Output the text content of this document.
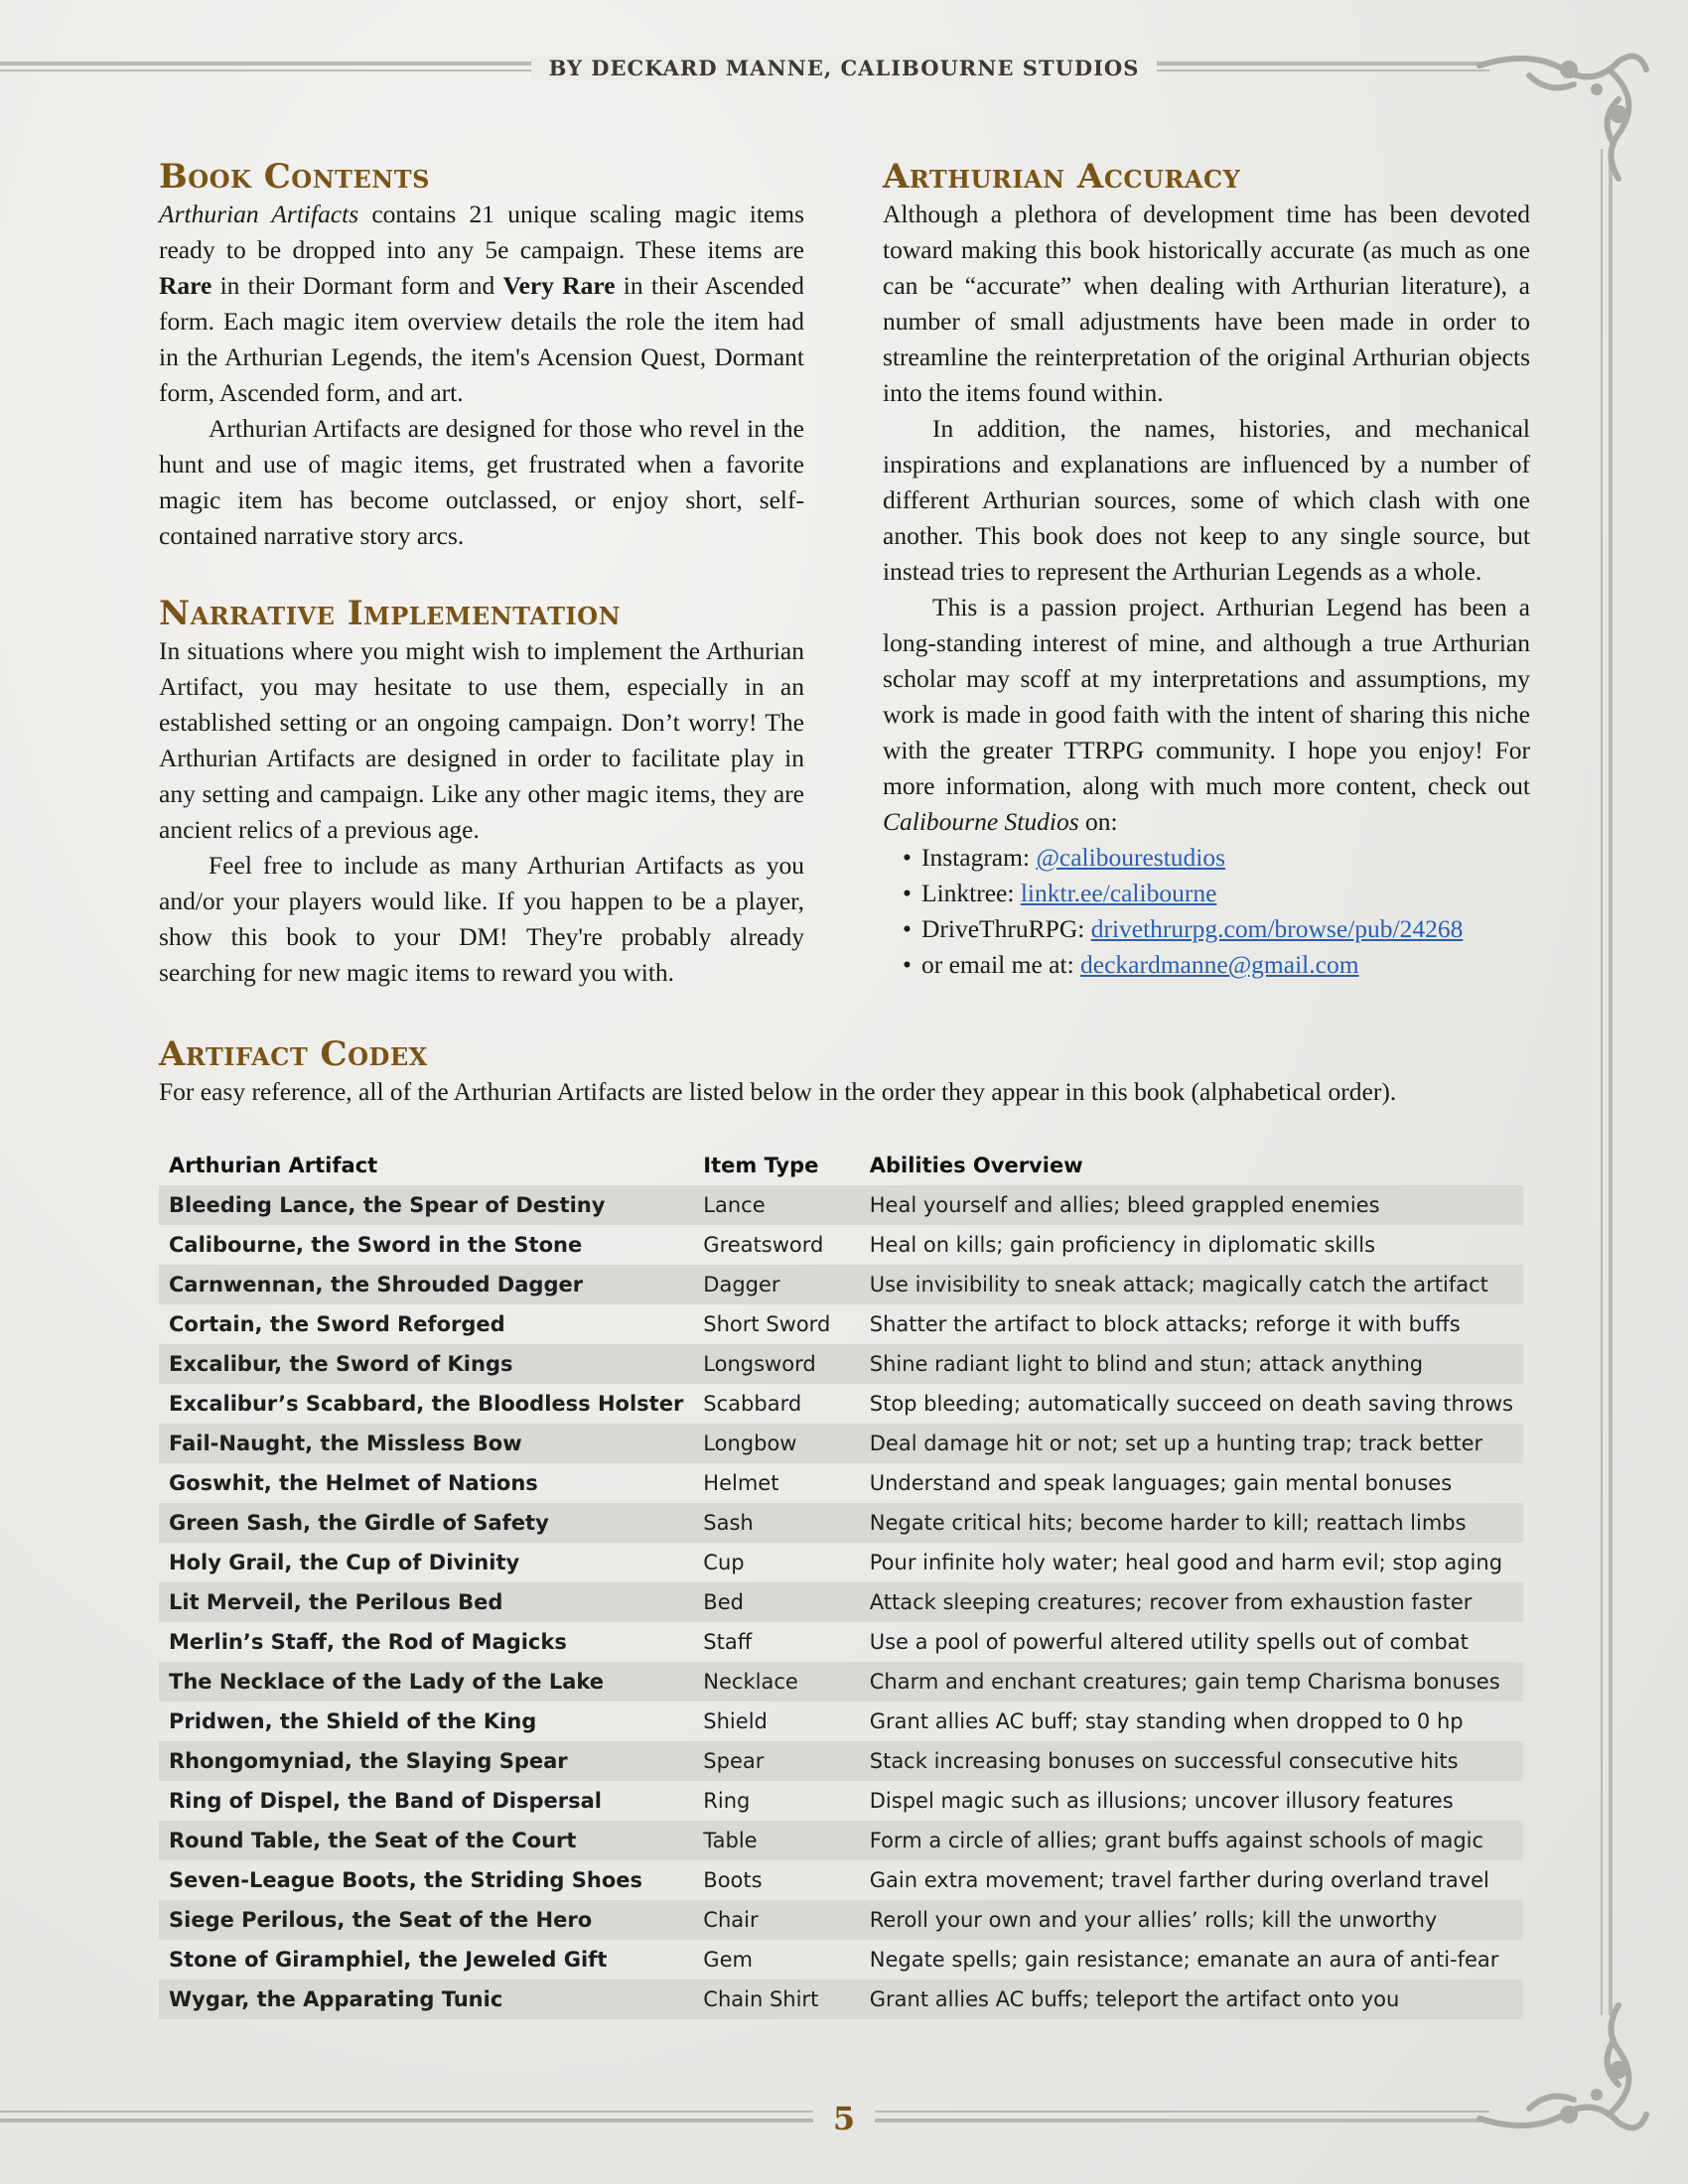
BY DECKARD MANNE, CALIBOURNE STUDIOS
Book Contents

Arthurian Artifacts contains 21 unique scaling magic items ready to be dropped into any 5e campaign. These items are Rare in their Dormant form and Very Rare in their Ascended form. Each magic item overview details the role the item had in the Arthurian Legends, the item's Acension Quest, Dormant form, Ascended form, and art.

Arthurian Artifacts are designed for those who revel in the hunt and use of magic items, get frustrated when a favorite magic item has become outclassed, or enjoy short, self-contained narrative story arcs.

Narrative Implementation

In situations where you might wish to implement the Arthurian Artifact, you may hesitate to use them, especially in an established setting or an ongoing campaign. Don’t worry! The Arthurian Artifacts are designed in order to facilitate play in any setting and campaign. Like any other magic items, they are ancient relics of a previous age.

Feel free to include as many Arthurian Artifacts as you and/or your players would like. If you happen to be a player, show this book to your DM! They're probably already searching for new magic items to reward you with.

Arthurian Accuracy

Although a plethora of development time has been devoted toward making this book historically accurate (as much as one can be “accurate” when dealing with Arthurian literature), a number of small adjustments have been made in order to streamline the reinterpretation of the original Arthurian objects into the items found within.

In addition, the names, histories, and mechanical inspirations and explanations are influenced by a number of different Arthurian sources, some of which clash with one another. This book does not keep to any single source, but instead tries to represent the Arthurian Legends as a whole.

This is a passion project. Arthurian Legend has been a long-standing interest of mine, and although a true Arthurian scholar may scoff at my interpretations and assumptions, my work is made in good faith with the intent of sharing this niche with the greater TTRPG community. I hope you enjoy! For more information, along with much more content, check out Calibourne Studios on:

• Instagram: @calibourestudios
• Linktree: linktr.ee/calibourne
• DriveThruRPG: drivethrurpg.com/browse/pub/24268
• or email me at: deckardmanne@gmail.com
Artifact Codex

For easy reference, all of the Arthurian Artifacts are listed below in the order they appear in this book (alphabetical order).

Arthurian Artifact	Item Type	Abilities Overview
Bleeding Lance, the Spear of Destiny	Lance	Heal yourself and allies; bleed grappled enemies
Calibourne, the Sword in the Stone	Greatsword	Heal on kills; gain proficiency in diplomatic skills
Carnwennan, the Shrouded Dagger	Dagger	Use invisibility to sneak attack; magically catch the artifact
Cortain, the Sword Reforged	Short Sword	Shatter the artifact to block attacks; reforge it with buffs
Excalibur, the Sword of Kings	Longsword	Shine radiant light to blind and stun; attack anything
Excalibur’s Scabbard, the Bloodless Holster	Scabbard	Stop bleeding; automatically succeed on death saving throws
Fail-Naught, the Missless Bow	Longbow	Deal damage hit or not; set up a hunting trap; track better
Goswhit, the Helmet of Nations	Helmet	Understand and speak languages; gain mental bonuses
Green Sash, the Girdle of Safety	Sash	Negate critical hits; become harder to kill; reattach limbs
Holy Grail, the Cup of Divinity	Cup	Pour infinite holy water; heal good and harm evil; stop aging
Lit Merveil, the Perilous Bed	Bed	Attack sleeping creatures; recover from exhaustion faster
Merlin’s Staff, the Rod of Magicks	Staff	Use a pool of powerful altered utility spells out of combat
The Necklace of the Lady of the Lake	Necklace	Charm and enchant creatures; gain temp Charisma bonuses
Pridwen, the Shield of the King	Shield	Grant allies AC buff; stay standing when dropped to 0 hp
Rhongomyniad, the Slaying Spear	Spear	Stack increasing bonuses on successful consecutive hits
Ring of Dispel, the Band of Dispersal	Ring	Dispel magic such as illusions; uncover illusory features
Round Table, the Seat of the Court	Table	Form a circle of allies; grant buffs against schools of magic
Seven-League Boots, the Striding Shoes	Boots	Gain extra movement; travel farther during overland travel
Siege Perilous, the Seat of the Hero	Chair	Reroll your own and your allies’ rolls; kill the unworthy
Stone of Giramphiel, the Jeweled Gift	Gem	Negate spells; gain resistance; emanate an aura of anti-fear
Wygar, the Apparating Tunic	Chain Shirt	Grant allies AC buffs; teleport the artifact onto you
5
